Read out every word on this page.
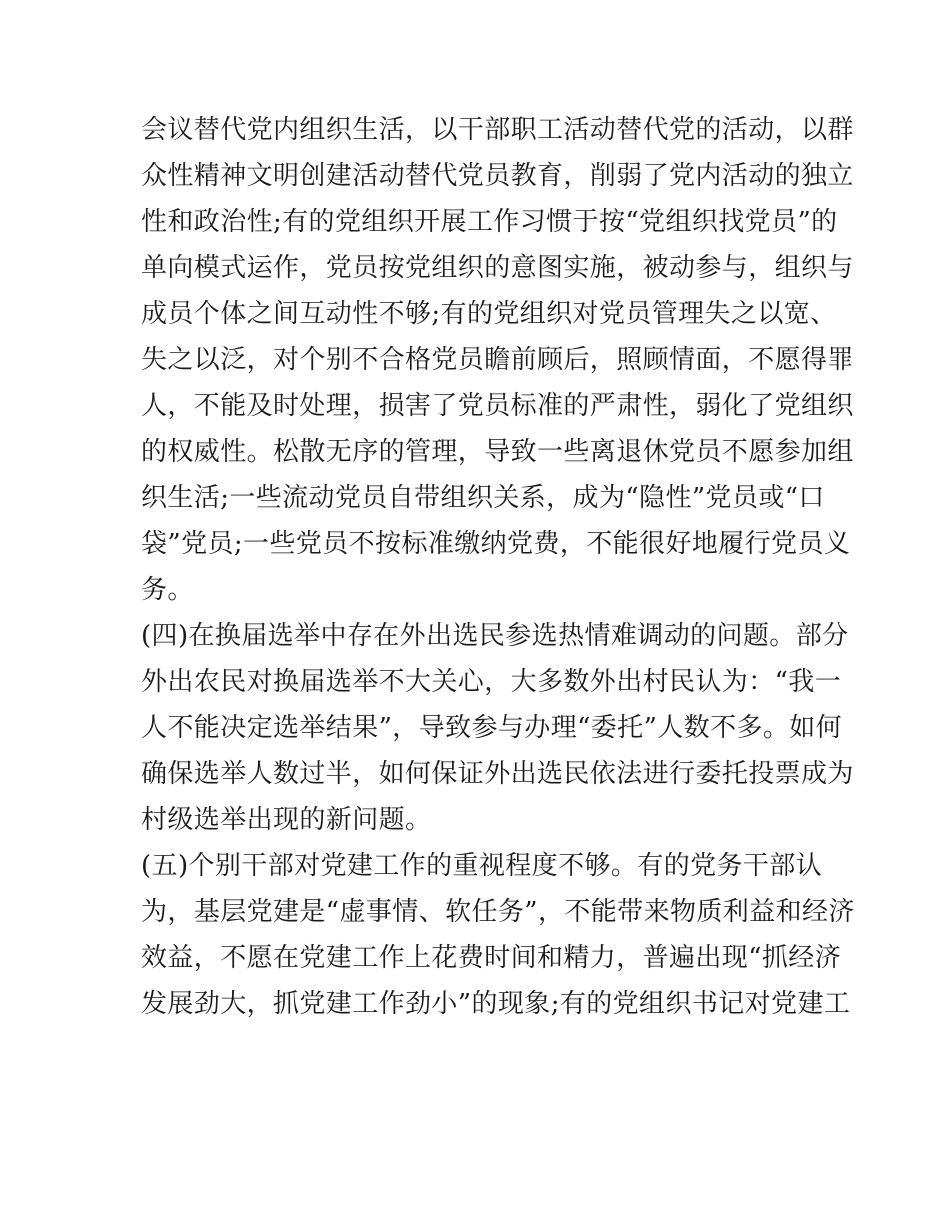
会议替代党内组织生活，以干部职工活动替代党的活动，以群
众性精神文明创建活动替代党员教育，削弱了党内活动的独立
性和政治性;有的党组织开展工作习惯于按“党组织找党员”的
单向模式运作，党员按党组织的意图实施，被动参与，组织与
成员个体之间互动性不够;有的党组织对党员管理失之以宽、
失之以泛，对个别不合格党员瞻前顾后，照顾情面，不愿得罪
人，不能及时处理，损害了党员标准的严肃性，弱化了党组织
的权威性。松散无序的管理，导致一些离退休党员不愿参加组
织生活;一些流动党员自带组织关系，成为“隐性”党员或“口
袋”党员;一些党员不按标准缴纳党费，不能很好地履行党员义
务。
(四)在换届选举中存在外出选民参选热情难调动的问题。部分
外出农民对换届选举不大关心，大多数外出村民认为：“我一
人不能决定选举结果”，导致参与办理“委托”人数不多。如何
确保选举人数过半，如何保证外出选民依法进行委托投票成为
村级选举出现的新问题。
(五)个别干部对党建工作的重视程度不够。有的党务干部认
为，基层党建是“虚事情、软任务”，不能带来物质利益和经济
效益，不愿在党建工作上花费时间和精力，普遍出现“抓经济
发展劲大，抓党建工作劲小”的现象;有的党组织书记对党建工
